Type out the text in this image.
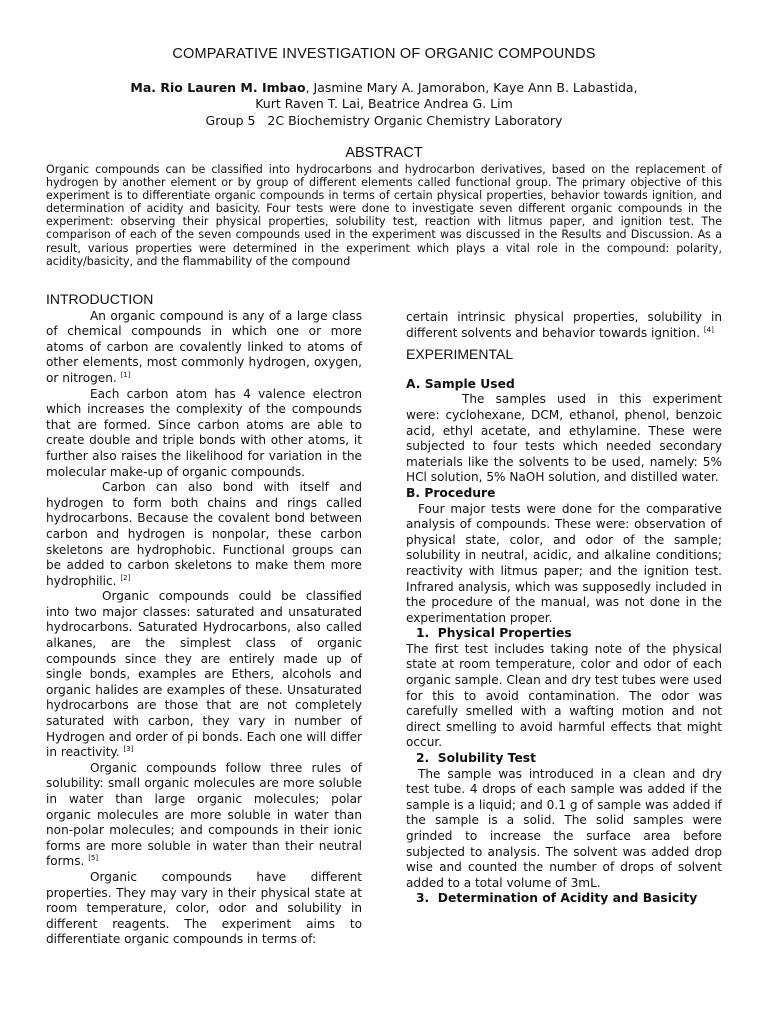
COMPARATIVE INVESTIGATION OF ORGANIC COMPOUNDS
Ma. Rio Lauren M. Imbao, Jasmine Mary A. Jamorabon, Kaye Ann B. Labastida,
Kurt Raven T. Lai, Beatrice Andrea G. Lim
Group 5   2C Biochemistry Organic Chemistry Laboratory
ABSTRACT
Organic compounds can be classified into hydrocarbons and hydrocarbon derivatives, based on the replacement of hydrogen by another element or by group of different elements called functional group. The primary objective of this experiment is to differentiate organic compounds in terms of certain physical properties, behavior towards ignition, and determination of acidity and basicity. Four tests were done to investigate seven different organic compounds in the experiment: observing their physical properties, solubility test, reaction with litmus paper, and ignition test. The comparison of each of the seven compounds used in the experiment was discussed in the Results and Discussion. As a result, various properties were determined in the experiment which plays a vital role in the compound: polarity, acidity/basicity, and the flammability of the compound
INTRODUCTION

An organic compound is any of a large class of chemical compounds in which one or more atoms of carbon are covalently linked to atoms of other elements, most commonly hydrogen, oxygen, or nitrogen. [1]

Each carbon atom has 4 valence electron which increases the complexity of the compounds that are formed. Since carbon atoms are able to create double and triple bonds with other atoms, it further also raises the likelihood for variation in the molecular make-up of organic compounds.

Carbon can also bond with itself and hydrogen to form both chains and rings called hydrocarbons. Because the covalent bond between carbon and hydrogen is nonpolar, these carbon skeletons are hydrophobic. Functional groups can be added to carbon skeletons to make them more hydrophilic. [2]

Organic compounds could be classified into two major classes: saturated and unsaturated hydrocarbons. Saturated Hydrocarbons, also called alkanes, are the simplest class of organic compounds since they are entirely made up of single bonds, examples are Ethers, alcohols and organic halides are examples of these. Unsaturated hydrocarbons are those that are not completely saturated with carbon, they vary in number of Hydrogen and order of pi bonds. Each one will differ in reactivity. [3]

Organic compounds follow three rules of solubility: small organic molecules are more soluble in water than large organic molecules; polar organic molecules are more soluble in water than non-polar molecules; and compounds in their ionic forms are more soluble in water than their neutral forms. [5]

Organic compounds have different properties. They may vary in their physical state at room temperature, color, odor and solubility in different reagents. The experiment aims to differentiate organic compounds in terms of:

certain intrinsic physical properties, solubility in different solvents and behavior towards ignition. [4]

EXPERIMENTAL
A. Sample Used

The samples used in this experiment were: cyclohexane, DCM, ethanol, phenol, benzoic acid, ethyl acetate, and ethylamine. These were subjected to four tests which needed secondary materials like the solvents to be used, namely: 5% HCl solution, 5% NaOH solution, and distilled water.

B. Procedure

Four major tests were done for the comparative analysis of compounds. These were: observation of physical state, color, and odor of the sample; solubility in neutral, acidic, and alkaline conditions; reactivity with litmus paper; and the ignition test. Infrared analysis, which was supposedly included in the procedure of the manual, was not done in the experimentation proper.

1.  Physical Properties

The first test includes taking note of the physical state at room temperature, color and odor of each organic sample. Clean and dry test tubes were used for this to avoid contamination. The odor was carefully smelled with a wafting motion and not direct smelling to avoid harmful effects that might occur.

2.  Solubility Test

The sample was introduced in a clean and dry test tube. 4 drops of each sample was added if the sample is a liquid; and 0.1 g of sample was added if the sample is a solid. The solid samples were grinded to increase the surface area before subjected to analysis. The solvent was added drop wise and counted the number of drops of solvent added to a total volume of 3mL.

3.  Determination of Acidity and Basicity
